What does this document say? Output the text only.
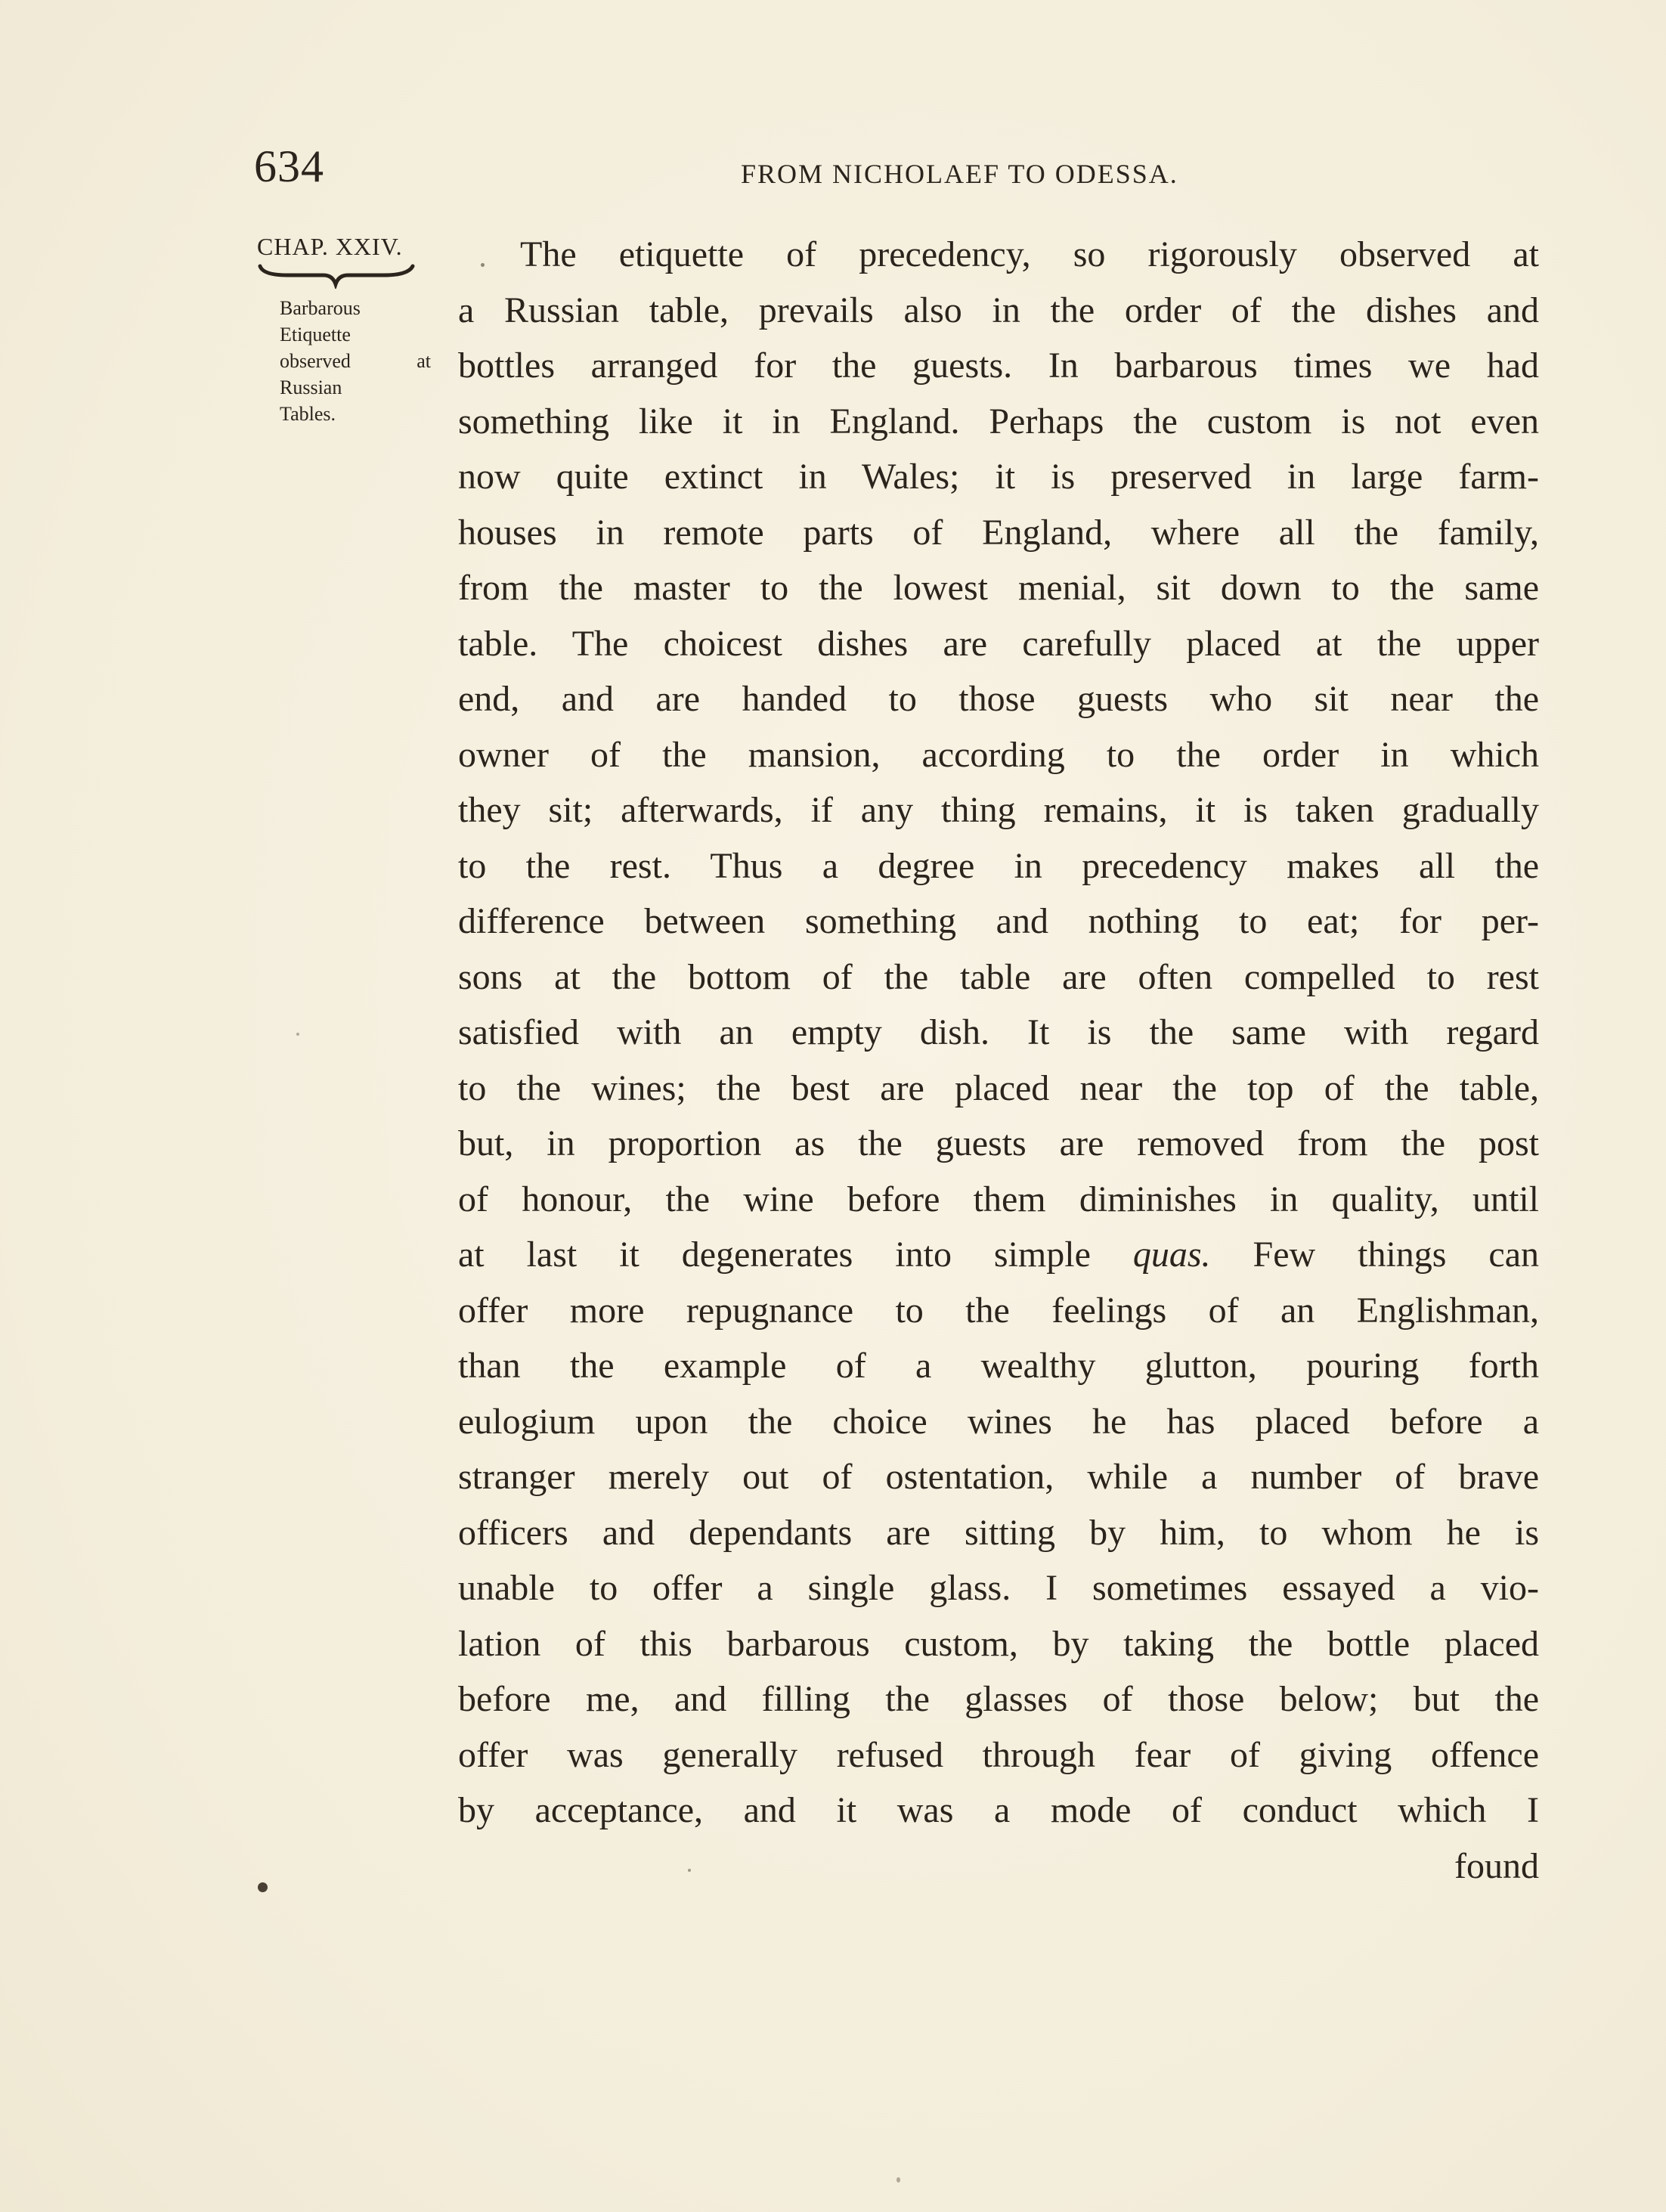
634	FROM NICHOLAEF TO ODESSA.
CHAP. XXIV.
Barbarous
Etiquette
observed at
Russian
Tables.
The etiquette of precedency, so rigorously observed at
a Russian table, prevails also in the order of the dishes and
bottles arranged for the guests. In barbarous times we had
something like it in England. Perhaps the custom is not even
now quite extinct in Wales; it is preserved in large farm-
houses in remote parts of England, where all the family,
from the master to the lowest menial, sit down to the same
table. The choicest dishes are carefully placed at the upper
end, and are handed to those guests who sit near the
owner of the mansion, according to the order in which
they sit; afterwards, if any thing remains, it is taken gradually
to the rest. Thus a degree in precedency makes all the
difference between something and nothing to eat; for per-
sons at the bottom of the table are often compelled to rest
satisfied with an empty dish. It is the same with regard
to the wines; the best are placed near the top of the table,
but, in proportion as the guests are removed from the post
of honour, the wine before them diminishes in quality, until
at last it degenerates into simple quas. Few things can
offer more repugnance to the feelings of an Englishman,
than the example of a wealthy glutton, pouring forth
eulogium upon the choice wines he has placed before a
stranger merely out of ostentation, while a number of brave
officers and dependants are sitting by him, to whom he is
unable to offer a single glass. I sometimes essayed a vio-
lation of this barbarous custom, by taking the bottle placed
before me, and filling the glasses of those below; but the
offer was generally refused through fear of giving offence
by acceptance, and it was a mode of conduct which I
found
